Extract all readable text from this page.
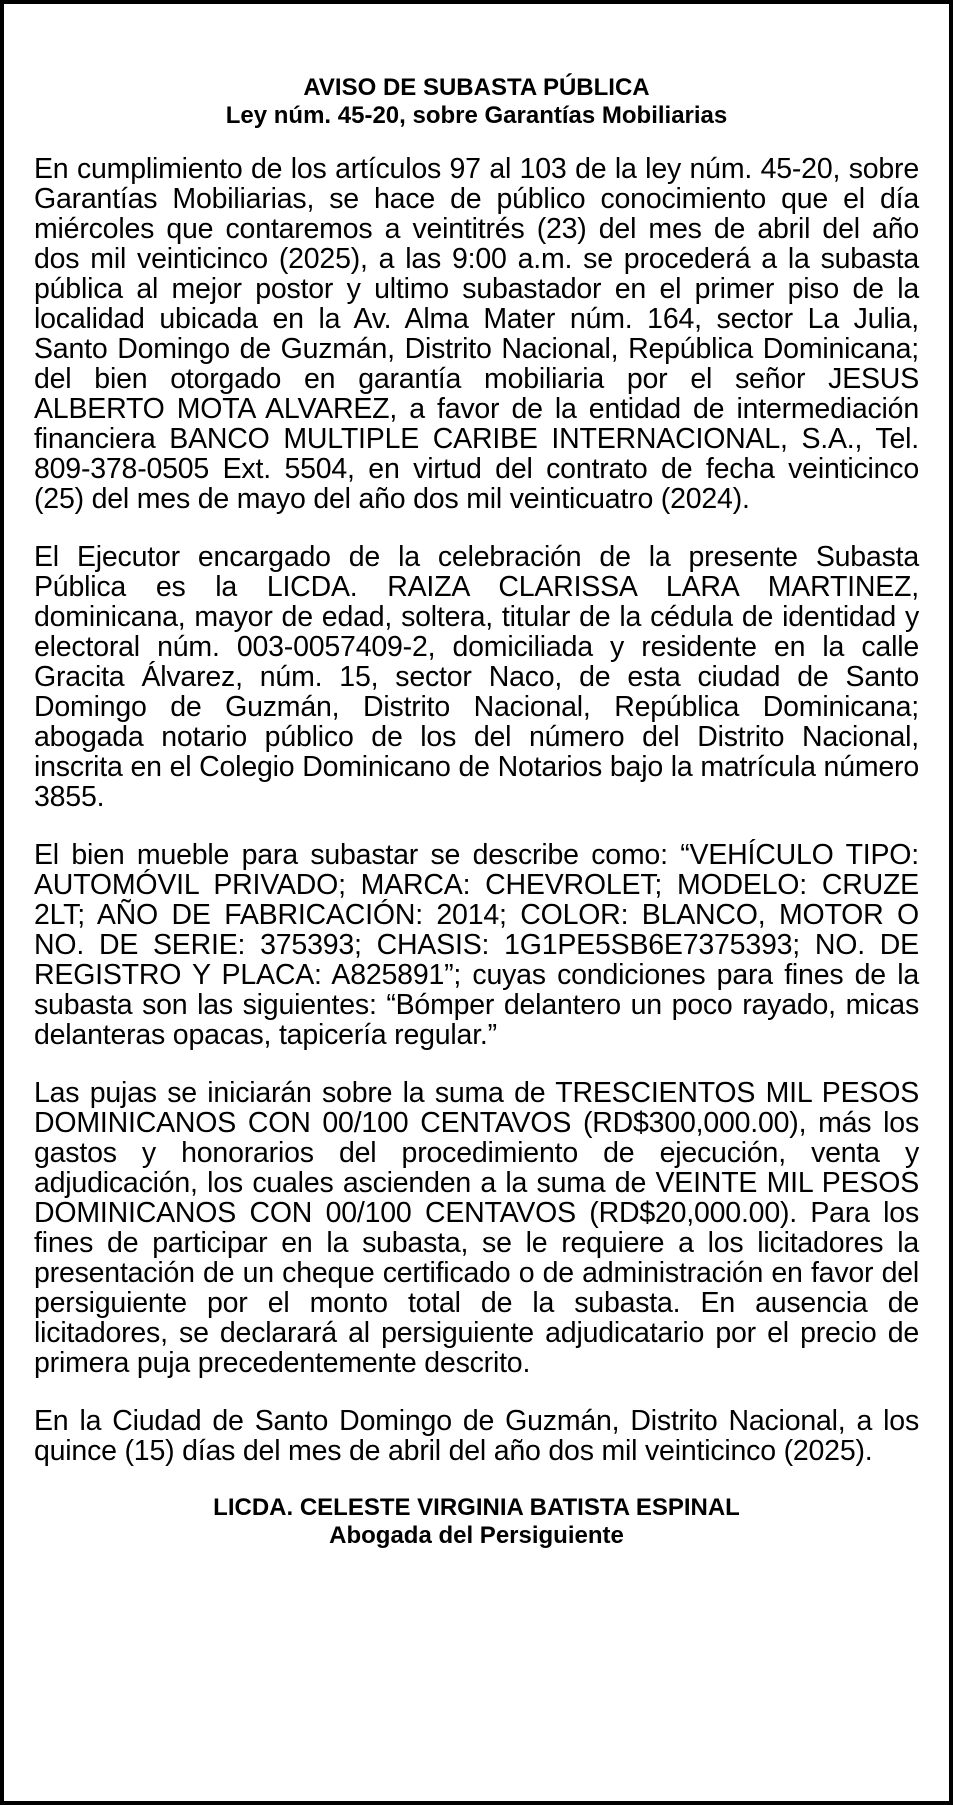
AVISO DE SUBASTA PÚBLICA
Ley núm. 45-20, sobre Garantías Mobiliarias

En cumplimiento de los artículos 97 al 103 de la ley núm. 45-20, sobre Garantías Mobiliarias, se hace de público conocimiento que el día miércoles que contaremos a veintitrés (23) del mes de abril del año dos mil veinticinco (2025), a las 9:00 a.m. se procederá a la subasta pública al mejor postor y ultimo subastador en el primer piso de la localidad ubicada en la Av. Alma Mater núm. 164, sector La Julia, Santo Domingo de Guzmán, Distrito Nacional, República Dominicana; del bien otorgado en garantía mobiliaria por el señor JESUS ALBERTO MOTA ALVAREZ, a favor de la entidad de intermediación financiera BANCO MULTIPLE CARIBE INTERNACIONAL, S.A., Tel. 809-378-0505 Ext. 5504, en virtud del contrato de fecha veinticinco (25) del mes de mayo del año dos mil veinticuatro (2024).

El Ejecutor encargado de la celebración de la presente Subasta Pública es la LICDA. RAIZA CLARISSA LARA MARTINEZ, dominicana, mayor de edad, soltera, titular de la cédula de identidad y electoral núm. 003-0057409-2, domiciliada y residente en la calle Gracita Álvarez, núm. 15, sector Naco, de esta ciudad de Santo Domingo de Guzmán, Distrito Nacional, República Dominicana; abogada notario público de los del número del Distrito Nacional, inscrita en el Colegio Dominicano de Notarios bajo la matrícula número 3855.

El bien mueble para subastar se describe como: “VEHÍCULO TIPO: AUTOMÓVIL PRIVADO; MARCA: CHEVROLET; MODELO: CRUZE 2LT; AÑO DE FABRICACIÓN: 2014; COLOR: BLANCO, MOTOR O NO. DE SERIE: 375393; CHASIS: 1G1PE5SB6E7375393; NO. DE REGISTRO Y PLACA: A825891”; cuyas condiciones para fines de la subasta son las siguientes: “Bómper delantero un poco rayado, micas delanteras opacas, tapicería regular.”

Las pujas se iniciarán sobre la suma de TRESCIENTOS MIL PESOS DOMINICANOS CON 00/100 CENTAVOS (RD$300,000.00), más los gastos y honorarios del procedimiento de ejecución, venta y adjudicación, los cuales ascienden a la suma de VEINTE MIL PESOS DOMINICANOS CON 00/100 CENTAVOS (RD$20,000.00). Para los fines de participar en la subasta, se le requiere a los licitadores la presentación de un cheque certificado o de administración en favor del persiguiente por el monto total de la subasta. En ausencia de licitadores, se declarará al persiguiente adjudicatario por el precio de primera puja precedentemente descrito.

En la Ciudad de Santo Domingo de Guzmán, Distrito Nacional, a los quince (15) días del mes de abril del año dos mil veinticinco (2025).

LICDA. CELESTE VIRGINIA BATISTA ESPINAL
Abogada del Persiguiente
